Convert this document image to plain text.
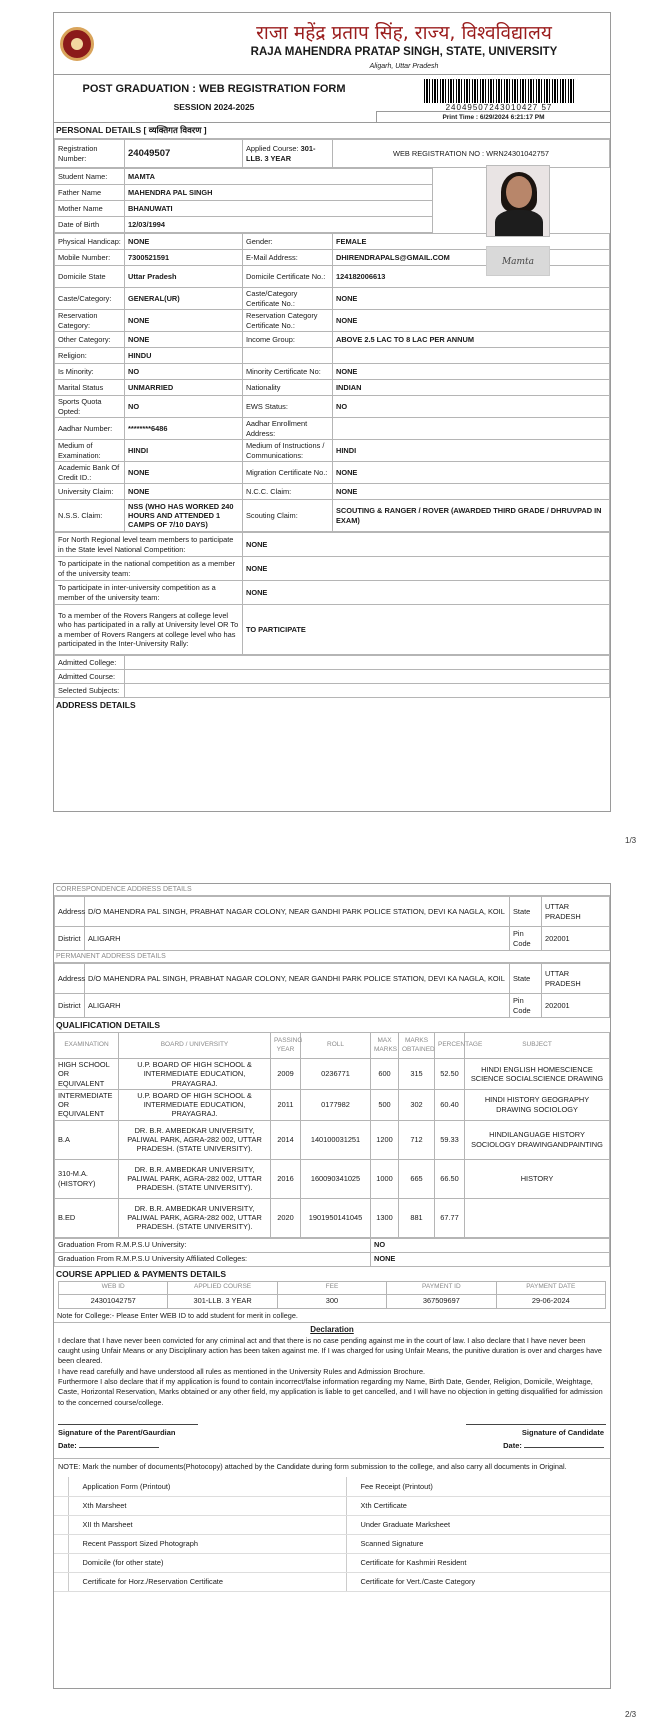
राजा महेंद्र प्रताप सिंह, राज्य, विश्वविद्यालय
RAJA MAHENDRA PRATAP SINGH, STATE, UNIVERSITY
Aligarh, Uttar Pradesh
POST GRADUATION : WEB REGISTRATION FORM
SESSION 2024-2025	24049507243010427 57
Print Time : 6/29/2024 6:21:17 PM
PERSONAL DETAILS [ व्यक्तिगत विवरण ]
Registration Number:	24049507	Applied Course: 301-LLB. 3 YEAR	WEB REGISTRATION NO : WRN24301042757
Student Name:	MAMTA	
Father Name	MAHENDRA PAL SINGH	
Mother Name	BHANUWATI	
Date of Birth	12/03/1994	
Physical Handicap:	NONE	Gender:	FEMALE
Mobile Number:	7300521591	E-Mail Address:	DHIRENDRAPALS@GMAIL.COM
Domicile State	Uttar Pradesh	Domicile Certificate No.:	124182006613
Caste/Category:	GENERAL(UR)	Caste/Category Certificate No.:	NONE
Reservation Category:	NONE	Reservation Category Certificate No.:	NONE
Other Category:	NONE	Income Group:	ABOVE 2.5 LAC TO 8 LAC PER ANNUM
Religion:	HINDU		
Is Minority:	NO	Minority Certificate No:	NONE
Marital Status	UNMARRIED	Nationality	INDIAN
Sports Quota Opted:	NO	EWS Status:	NO
Aadhar Number:	********6486	Aadhar Enrollment Address:	
Medium of Examination:	HINDI	Medium of Instructions / Communications:	HINDI
Academic Bank Of Credit ID.:	NONE	Migration Certificate No.:	NONE
University Claim:	NONE	N.C.C. Claim:	NONE
N.S.S. Claim:	NSS (WHO HAS WORKED 240 HOURS AND ATTENDED 1 CAMPS OF 7/10 DAYS)	Scouting Claim:	SCOUTING & RANGER / ROVER (AWARDED THIRD GRADE / DHRUVPAD IN EXAM)
For North Regional level team members to participate in the State level National Competition:	NONE
To participate in the national competition as a member of the university team:	NONE
To participate in inter-university competition as a member of the university team:	NONE
To a member of the Rovers Rangers at college level who has participated in a rally at University level OR To a member of Rovers Rangers at college level who has participated in the Inter-University Rally:	TO PARTICIPATE
Admitted College:	
Admitted Course:	
Selected Subjects:	
ADDRESS DETAILS
Mamta
1/3
CORRESPONDENCE ADDRESS DETAILS
Address	D/O MAHENDRA PAL SINGH, PRABHAT NAGAR COLONY, NEAR GANDHI PARK POLICE STATION, DEVI KA NAGLA, KOIL	State	UTTAR PRADESH
District	ALIGARH	Pin Code	202001
PERMANENT ADDRESS DETAILS
Address	D/O MAHENDRA PAL SINGH, PRABHAT NAGAR COLONY, NEAR GANDHI PARK POLICE STATION, DEVI KA NAGLA, KOIL	State	UTTAR PRADESH
District	ALIGARH	Pin Code	202001
QUALIFICATION DETAILS
EXAMINATION	BOARD / UNIVERSITY	PASSING YEAR	ROLL	MAX MARKS	MARKS OBTAINED	PERCENTAGE	SUBJECT
HIGH SCHOOL OR EQUIVALENT	U.P. BOARD OF HIGH SCHOOL & INTERMEDIATE EDUCATION, PRAYAGRAJ.	2009	0236771	600	315	52.50	HINDI ENGLISH HOMESCIENCE SCIENCE SOCIALSCIENCE DRAWING
INTERMEDIATE OR EQUIVALENT	U.P. BOARD OF HIGH SCHOOL & INTERMEDIATE EDUCATION, PRAYAGRAJ.	2011	0177982	500	302	60.40	HINDI HISTORY GEOGRAPHY DRAWING SOCIOLOGY
B.A	DR. B.R. AMBEDKAR UNIVERSITY, PALIWAL PARK, AGRA-282 002, UTTAR PRADESH. (STATE UNIVERSITY).	2014	140100031251	1200	712	59.33	HINDILANGUAGE HISTORY SOCIOLOGY DRAWINGANDPAINTING
310-M.A. (HISTORY)	DR. B.R. AMBEDKAR UNIVERSITY, PALIWAL PARK, AGRA-282 002, UTTAR PRADESH. (STATE UNIVERSITY).	2016	160090341025	1000	665	66.50	HISTORY
B.ED	DR. B.R. AMBEDKAR UNIVERSITY, PALIWAL PARK, AGRA-282 002, UTTAR PRADESH. (STATE UNIVERSITY).	2020	1901950141045	1300	881	67.77	
Graduation From R.M.P.S.U University:	NO
Graduation From R.M.P.S.U University Affiliated Colleges:	NONE
COURSE APPLIED & PAYMENTS DETAILS
WEB ID	APPLIED COURSE	FEE	PAYMENT ID	PAYMENT DATE
24301042757	301-LLB. 3 YEAR	300	367509697	29-06-2024
Note for College:- Please Enter WEB ID to add student for merit in college.
Declaration
I declare that I have never been convicted for any criminal act and that there is no case pending against me in the court of law. I also declare that I have never been caught using Unfair Means or any Disciplinary action has been taken against me. If I was charged for using Unfair Means, the punitive duration is over and charges have been cleared.
I have read carefully and have understood all rules as mentioned in the University Rules and Admission Brochure.
Furthermore I also declare that if my application is found to contain incorrect/false information regarding my Name, Birth Date, Gender, Religion, Domicile, Weightage, Caste, Horizontal Reservation, Marks obtained or any other field, my application is liable to get cancelled, and I will have no objection in getting disqualified for admission to the concerned course/college.
Signature of the Parent/Gaurdian	Signature of Candidate
Date:	Date:
NOTE: Mark the number of documents(Photocopy) attached by the Candidate during form submission to the college, and also carry all documents in Original.
	Application Form (Printout)		Fee Receipt (Printout)
	Xth Marsheet		Xth Certificate
	XII th Marsheet		Under Graduate Marksheet
	Recent Passport Sized Photograph		Scanned Signature
	Domicile (for other state)		Certificate for Kashmiri Resident
	Certificate for Horz./Reservation Certificate		Certificate for Vert./Caste Category
2/3
